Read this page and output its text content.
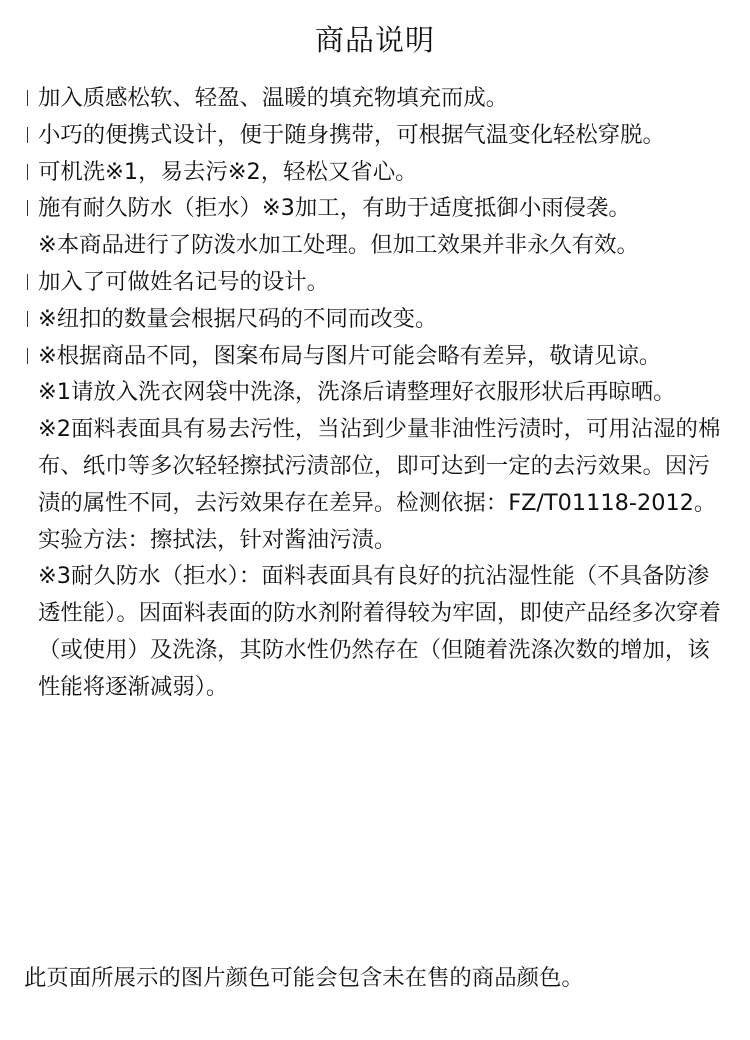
商品说明

加入质感松软、轻盈、温暖的填充物填充而成。

小巧的便携式设计，便于随身携带，可根据气温变化轻松穿脱。

可机洗※1，易去污※2，轻松又省心。

施有耐久防水（拒水）※3加工，有助于适度抵御小雨侵袭。

※本商品进行了防泼水加工处理。但加工效果并非永久有效。

加入了可做姓名记号的设计。

※纽扣的数量会根据尺码的不同而改变。

※根据商品不同，图案布局与图片可能会略有差异，敬请见谅。

※1请放入洗衣网袋中洗涤，洗涤后请整理好衣服形状后再晾晒。

※2面料表面具有易去污性，当沾到少量非油性污渍时，可用沾湿的棉布、纸巾等多次轻轻擦拭污渍部位，即可达到一定的去污效果。因污渍的属性不同，去污效果存在差异。检测依据：FZ/T01118-2012。实验方法：擦拭法，针对酱油污渍。

※3耐久防水（拒水）：面料表面具有良好的抗沾湿性能（不具备防渗透性能）。因面料表面的防水剂附着得较为牢固，即使产品经多次穿着（或使用）及洗涤，其防水性仍然存在（但随着洗涤次数的增加，该性能将逐渐减弱）。

此页面所展示的图片颜色可能会包含未在售的商品颜色。
